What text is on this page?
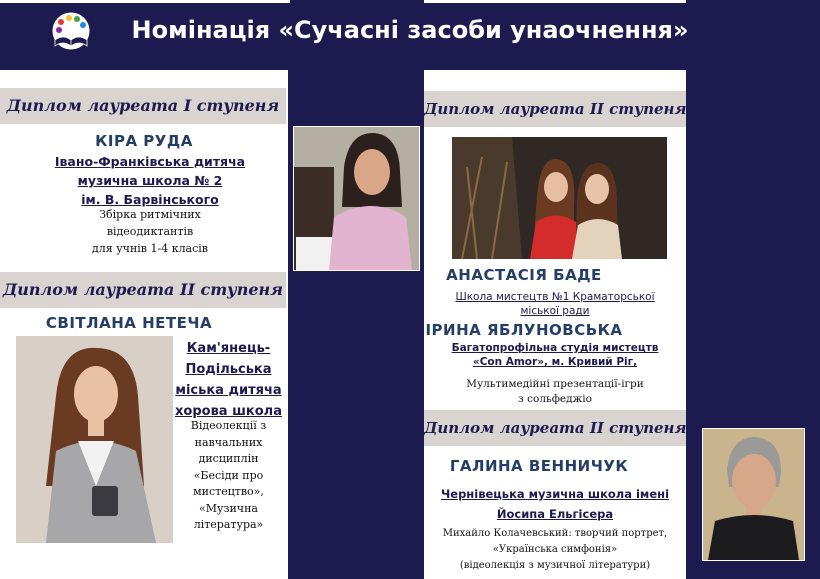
Номінація «Сучасні засоби унаочнення»
Диплом лауреата І ступеня
КІРА РУДА
Івано-Франківська дитяча
музична школа № 2
ім. В. Барвінського
Збірка ритмічних
відеодиктантів
для учнів 1-4 класів
Диплом лауреата ІІ ступеня
СВІТЛАНА НЕТЕЧА
Кам'янець-
Подільська
міська дитяча
хорова школа
Відеолекції з
навчальних
дисциплін
«Бесіди про
мистецтво»,
«Музична
література»
Диплом лауреата ІІ ступеня
АНАСТАСІЯ БАДЕ
Школа мистецтв №1 Краматорської
міської ради
ІРИНА ЯБЛУНОВСЬКА
Багатопрофільна студія мистецтв
«Con Amor», м. Кривий Ріг,
Мультимедійні презентації-ігри
з сольфеджіо
Диплом лауреата ІІ ступеня
ГАЛИНА ВЕННИЧУК
Чернівецька музична школа імені
Йосипа Ельгісера
Михайло Колачевський: творчий портрет,
«Українська симфонія»
(відеолекція з музичної літератури)
